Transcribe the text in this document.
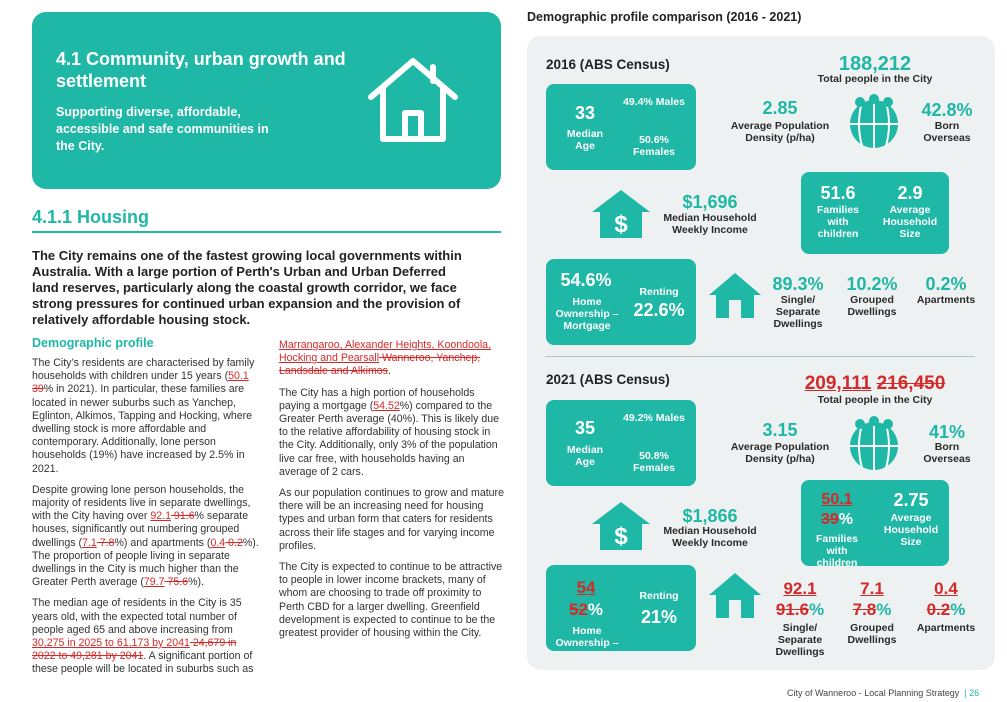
4.1 Community, urban growth and settlement
Supporting diverse, affordable, accessible and safe communities in the City.
4.1.1 Housing
The City remains one of the fastest growing local governments within Australia. With a large portion of Perth's Urban and Urban Deferred land reserves, particularly along the coastal growth corridor, we face strong pressures for continued urban expansion and the provision of relatively affordable housing stock.
Demographic profile

The City’s residents are characterised by family households with children under 15 years (50.1 39% in 2021). In particular, these families are located in newer suburbs such as Yanchep, Eglinton, Alkimos, Tapping and Hocking, where dwelling stock is more affordable and contemporary. Additionally, lone person households (19%) have increased by 2.5% in 2021.

Despite growing lone person households, the majority of residents live in separate dwellings, with the City having over 92.1 91.6% separate houses, significantly out numbering grouped dwellings (7.1 7.8%) and apartments (0.4 0.2%). The proportion of people living in separate dwellings in the City is much higher than the Greater Perth average (79.7 75.6%).

The median age of residents in the City is 35 years old, with the expected total number of people aged 65 and above increasing from 30,275 in 2025 to 61,173 by 2041 24,679 in 2022 to 49,281 by 2041. A significant portion of these people will be located in suburbs such as

Marrangaroo, Alexander Heights, Koondoola, Hocking and Pearsall Wanneroo, Yanchep, Landsdale and Alkimos.

The City has a high portion of households paying a mortgage (54.52%) compared to the Greater Perth average (40%). This is likely due to the relative affordability of housing stock in the City. Additionally, only 3% of the population live car free, with households having an average of 2 cars.

As our population continues to grow and mature there will be an increasing need for housing types and urban form that caters for residents across their life stages and for varying income profiles.

The City is expected to continue to be attractive to people in lower income brackets, many of whom are choosing to trade off proximity to Perth CBD for a larger dwelling. Greenfield development is expected to continue to be the greatest provider of housing within the City.

Demographic profile comparison (2016 - 2021)
2016 (ABS Census)	188,212
Total people in the City
33
Median Age
49.4% Males
50.6% Females
2.85
Average Population Density (p/ha)
42.8%
Born Overseas
$
$1,696
Median Household Weekly Income
51.6
Families with children
2.9
Average Household Size
54.6%
Home Ownership – Mortgage
Renting
22.6%
89.3%
Single/ Separate Dwellings
10.2%
Grouped Dwellings
0.2%
Apartments
2021 (ABS Census)	209,111 216,450
Total people in the City
35
Median Age
49.2% Males
50.8% Females
3.15
Average Population Density (p/ha)
41%
Born Overseas
$
$1,866
Median Household Weekly Income
50.1
39%
Families with children
2.75
Average Household Size
54
52%
Home Ownership –
Renting
21%
92.1
91.6%
Single/ Separate Dwellings
7.1
7.8%
Grouped Dwellings
0.4
0.2%
Apartments
City of Wanneroo - Local Planning Strategy | 26
